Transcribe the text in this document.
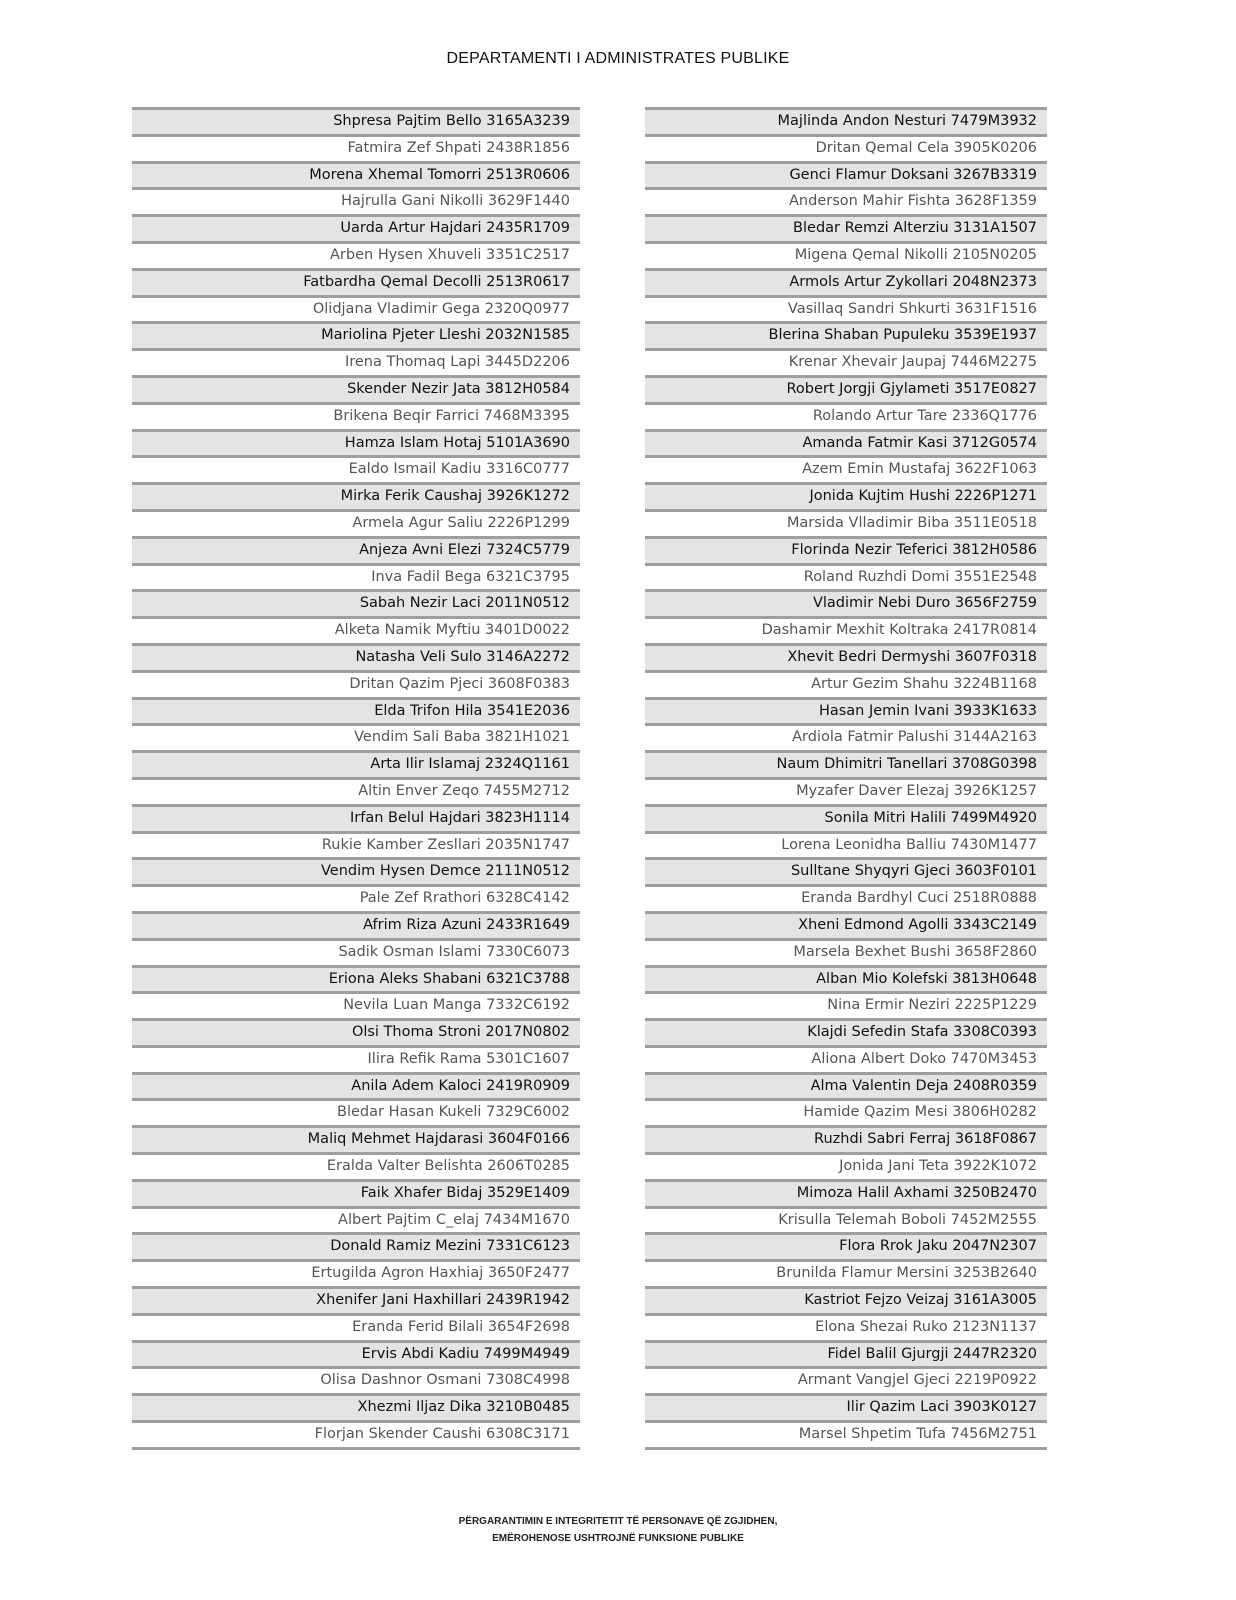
DEPARTAMENTI I ADMINISTRATES PUBLIKE
Shpresa Pajtim Bello 3165A3239
Fatmira Zef Shpati 2438R1856
Morena Xhemal Tomorri 2513R0606
Hajrulla Gani Nikolli 3629F1440
Uarda Artur Hajdari 2435R1709
Arben Hysen Xhuveli 3351C2517
Fatbardha Qemal Decolli 2513R0617
Olidjana Vladimir Gega 2320Q0977
Mariolina Pjeter Lleshi 2032N1585
Irena Thomaq Lapi 3445D2206
Skender Nezir Jata 3812H0584
Brikena Beqir Farrici 7468M3395
Hamza Islam Hotaj 5101A3690
Ealdo Ismail Kadiu 3316C0777
Mirka Ferik Caushaj 3926K1272
Armela Agur Saliu 2226P1299
Anjeza Avni Elezi 7324C5779
Inva Fadil Bega 6321C3795
Sabah Nezir Laci 2011N0512
Alketa Namik Myftiu 3401D0022
Natasha Veli Sulo 3146A2272
Dritan Qazim Pjeci 3608F0383
Elda Trifon Hila 3541E2036
Vendim Sali Baba 3821H1021
Arta Ilir Islamaj 2324Q1161
Altin Enver Zeqo 7455M2712
Irfan Belul Hajdari 3823H1114
Rukie Kamber Zesllari 2035N1747
Vendim Hysen Demce 2111N0512
Pale Zef Rrathori 6328C4142
Afrim Riza Azuni 2433R1649
Sadik Osman Islami 7330C6073
Eriona Aleks Shabani 6321C3788
Nevila Luan Manga 7332C6192
Olsi Thoma Stroni 2017N0802
Ilira Refik Rama 5301C1607
Anila Adem Kaloci 2419R0909
Bledar Hasan Kukeli 7329C6002
Maliq Mehmet Hajdarasi 3604F0166
Eralda Valter Belishta 2606T0285
Faik Xhafer Bidaj 3529E1409
Albert Pajtim C_elaj 7434M1670
Donald Ramiz Mezini 7331C6123
Ertugilda Agron Haxhiaj 3650F2477
Xhenifer Jani Haxhillari 2439R1942
Eranda Ferid Bilali 3654F2698
Ervis Abdi Kadiu 7499M4949
Olisa Dashnor Osmani 7308C4998
Xhezmi Iljaz Dika 3210B0485
Florjan Skender Caushi 6308C3171
Majlinda Andon Nesturi 7479M3932
Dritan Qemal Cela 3905K0206
Genci Flamur Doksani 3267B3319
Anderson Mahir Fishta 3628F1359
Bledar Remzi Alterziu 3131A1507
Migena Qemal Nikolli 2105N0205
Armols Artur Zykollari 2048N2373
Vasillaq Sandri Shkurti 3631F1516
Blerina Shaban Pupuleku 3539E1937
Krenar Xhevair Jaupaj 7446M2275
Robert Jorgji Gjylameti 3517E0827
Rolando Artur Tare 2336Q1776
Amanda Fatmir Kasi 3712G0574
Azem Emin Mustafaj 3622F1063
Jonida Kujtim Hushi 2226P1271
Marsida Vlladimir Biba 3511E0518
Florinda Nezir Teferici 3812H0586
Roland Ruzhdi Domi 3551E2548
Vladimir Nebi Duro 3656F2759
Dashamir Mexhit Koltraka 2417R0814
Xhevit Bedri Dermyshi 3607F0318
Artur Gezim Shahu 3224B1168
Hasan Jemin Ivani 3933K1633
Ardiola Fatmir Palushi 3144A2163
Naum Dhimitri Tanellari 3708G0398
Myzafer Daver Elezaj 3926K1257
Sonila Mitri Halili 7499M4920
Lorena Leonidha Balliu 7430M1477
Sulltane Shyqyri Gjeci 3603F0101
Eranda Bardhyl Cuci 2518R0888
Xheni Edmond Agolli 3343C2149
Marsela Bexhet Bushi 3658F2860
Alban Mio Kolefski 3813H0648
Nina Ermir Neziri 2225P1229
Klajdi Sefedin Stafa 3308C0393
Aliona Albert Doko 7470M3453
Alma Valentin Deja 2408R0359
Hamide Qazim Mesi 3806H0282
Ruzhdi Sabri Ferraj 3618F0867
Jonida Jani Teta 3922K1072
Mimoza Halil Axhami 3250B2470
Krisulla Telemah Boboli 7452M2555
Flora Rrok Jaku 2047N2307
Brunilda Flamur Mersini 3253B2640
Kastriot Fejzo Veizaj 3161A3005
Elona Shezai Ruko 2123N1137
Fidel Balil Gjurgji 2447R2320
Armant Vangjel Gjeci 2219P0922
Ilir Qazim Laci 3903K0127
Marsel Shpetim Tufa 7456M2751
PËRGARANTIMIN E INTEGRITETIT TË PERSONAVE QË ZGJIDHEN,
EMËROHENOSE USHTROJNË FUNKSIONE PUBLIKE
